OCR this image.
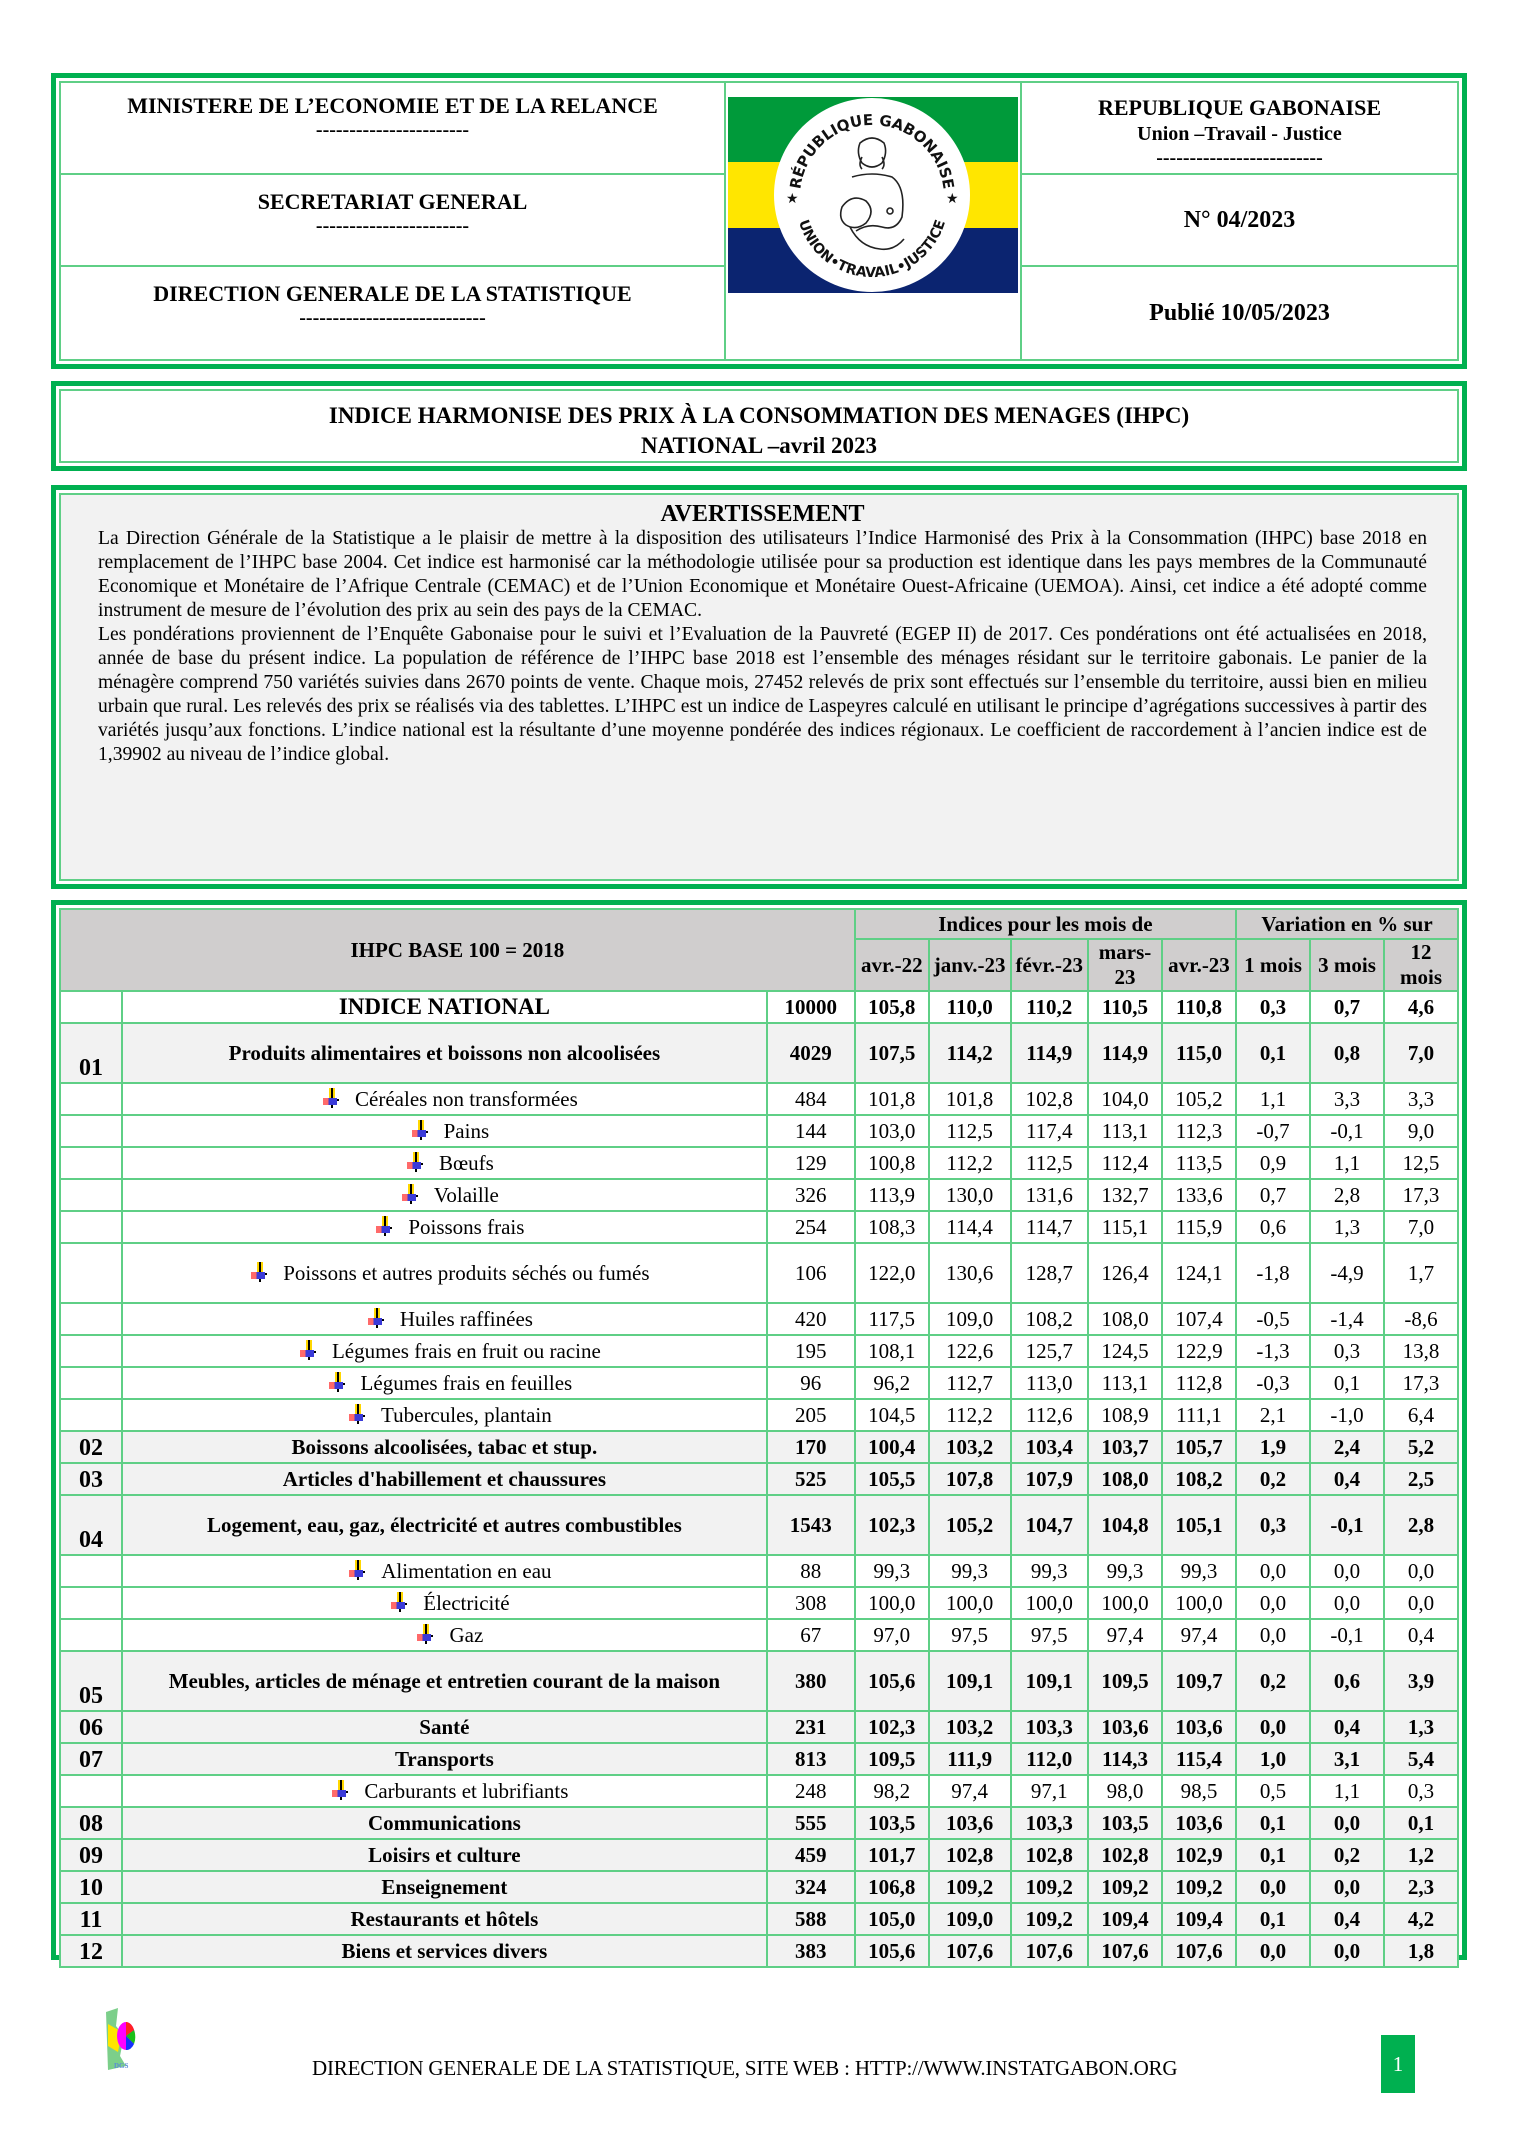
MINISTERE DE L’ECONOMIE ET DE LA RELANCE
-----------------------
SECRETARIAT GENERAL
-----------------------
DIRECTION GENERALE DE LA STATISTIQUE
----------------------------
RÉPUBLIQUE GABONAISE
UNION•TRAVAIL•JUSTICE
★	★
REPUBLIQUE GABONAISE
Union –Travail - Justice
-------------------------
N° 04/2023
Publié 10/05/2023
INDICE HARMONISE DES PRIX À LA CONSOMMATION DES MENAGES (IHPC)
NATIONAL –avril 2023
AVERTISSEMENT

La Direction Générale de la Statistique a le plaisir de mettre à la disposition des utilisateurs l’Indice Harmonisé des Prix à la Consommation (IHPC) base 2018 en remplacement de l’IHPC base 2004. Cet indice est harmonisé car la méthodologie utilisée pour sa production est identique dans les pays membres de la Communauté Economique et Monétaire de l’Afrique Centrale (CEMAC) et de l’Union Economique et Monétaire Ouest-Africaine (UEMOA). Ainsi, cet indice a été adopté comme instrument de mesure de l’évolution des prix au sein des pays de la CEMAC.

Les pondérations proviennent de l’Enquête Gabonaise pour le suivi et l’Evaluation de la Pauvreté (EGEP II) de 2017. Ces pondérations ont été actualisées en 2018, année de base du présent indice. La population de référence de l’IHPC base 2018 est l’ensemble des ménages résidant sur le territoire gabonais. Le panier de la ménagère comprend 750 variétés suivies dans 2670 points de vente. Chaque mois, 27452 relevés de prix sont effectués sur l’ensemble du territoire, aussi bien en milieu urbain que rural. Les relevés des prix se réalisés via des tablettes. L’IHPC est un indice de Laspeyres calculé en utilisant le principe d’agrégations successives à partir des variétés jusqu’aux fonctions. L’indice national est la résultante d’une moyenne pondérée des indices régionaux. Le coefficient de raccordement à l’ancien indice est de 1,39902 au niveau de l’indice global.

IHPC BASE 100 = 2018			Indices pour les mois de					Variation en % sur		
			avr.-22	janv.-23	févr.-23	mars-23	avr.-23	1 mois	3 mois	12 mois
	INDICE NATIONAL	10000	105,8	110,0	110,2	110,5	110,8	0,3	0,7	4,6
01	Produits alimentaires et boissons non alcoolisées	4029	107,5	114,2	114,9	114,9	115,0	0,1	0,8	7,0

Céréales non transformées	484	101,8	101,8	102,8	104,0	105,2	1,1	3,3	3,3

Pains	144	103,0	112,5	117,4	113,1	112,3	-0,7	-0,1	9,0

Bœufs	129	100,8	112,2	112,5	112,4	113,5	0,9	1,1	12,5

Volaille	326	113,9	130,0	131,6	132,7	133,6	0,7	2,8	17,3

Poissons frais	254	108,3	114,4	114,7	115,1	115,9	0,6	1,3	7,0

Poissons et autres produits séchés ou fumés	106	122,0	130,6	128,7	126,4	124,1	-1,8	-4,9	1,7

Huiles raffinées	420	117,5	109,0	108,2	108,0	107,4	-0,5	-1,4	-8,6

Légumes frais en fruit ou racine	195	108,1	122,6	125,7	124,5	122,9	-1,3	0,3	13,8

Légumes frais en feuilles	96	96,2	112,7	113,0	113,1	112,8	-0,3	0,1	17,3

Tubercules, plantain	205	104,5	112,2	112,6	108,9	111,1	2,1	-1,0	6,4
02	Boissons alcoolisées, tabac et stup.	170	100,4	103,2	103,4	103,7	105,7	1,9	2,4	5,2
03	Articles d'habillement et chaussures	525	105,5	107,8	107,9	108,0	108,2	0,2	0,4	2,5
04	Logement, eau, gaz, électricité et autres combustibles	1543	102,3	105,2	104,7	104,8	105,1	0,3	-0,1	2,8

Alimentation en eau	88	99,3	99,3	99,3	99,3	99,3	0,0	0,0	0,0

Électricité	308	100,0	100,0	100,0	100,0	100,0	0,0	0,0	0,0

Gaz	67	97,0	97,5	97,5	97,4	97,4	0,0	-0,1	0,4
05	Meubles, articles de ménage et entretien courant de la maison	380	105,6	109,1	109,1	109,5	109,7	0,2	0,6	3,9
06	Santé	231	102,3	103,2	103,3	103,6	103,6	0,0	0,4	1,3
07	Transports	813	109,5	111,9	112,0	114,3	115,4	1,0	3,1	5,4

Carburants et lubrifiants	248	98,2	97,4	97,1	98,0	98,5	0,5	1,1	0,3
08	Communications	555	103,5	103,6	103,3	103,5	103,6	0,1	0,0	0,1
09	Loisirs et culture	459	101,7	102,8	102,8	102,8	102,9	0,1	0,2	1,2
10	Enseignement	324	106,8	109,2	109,2	109,2	109,2	0,0	0,0	2,3
11	Restaurants et hôtels	588	105,0	109,0	109,2	109,4	109,4	0,1	0,4	4,2
12	Biens et services divers	383	105,6	107,6	107,6	107,6	107,6	0,0	0,0	1,8
DGS	DIRECTION GENERALE DE LA STATISTIQUE, SITE WEB : HTTP://WWW.INSTATGABON.ORG	1
